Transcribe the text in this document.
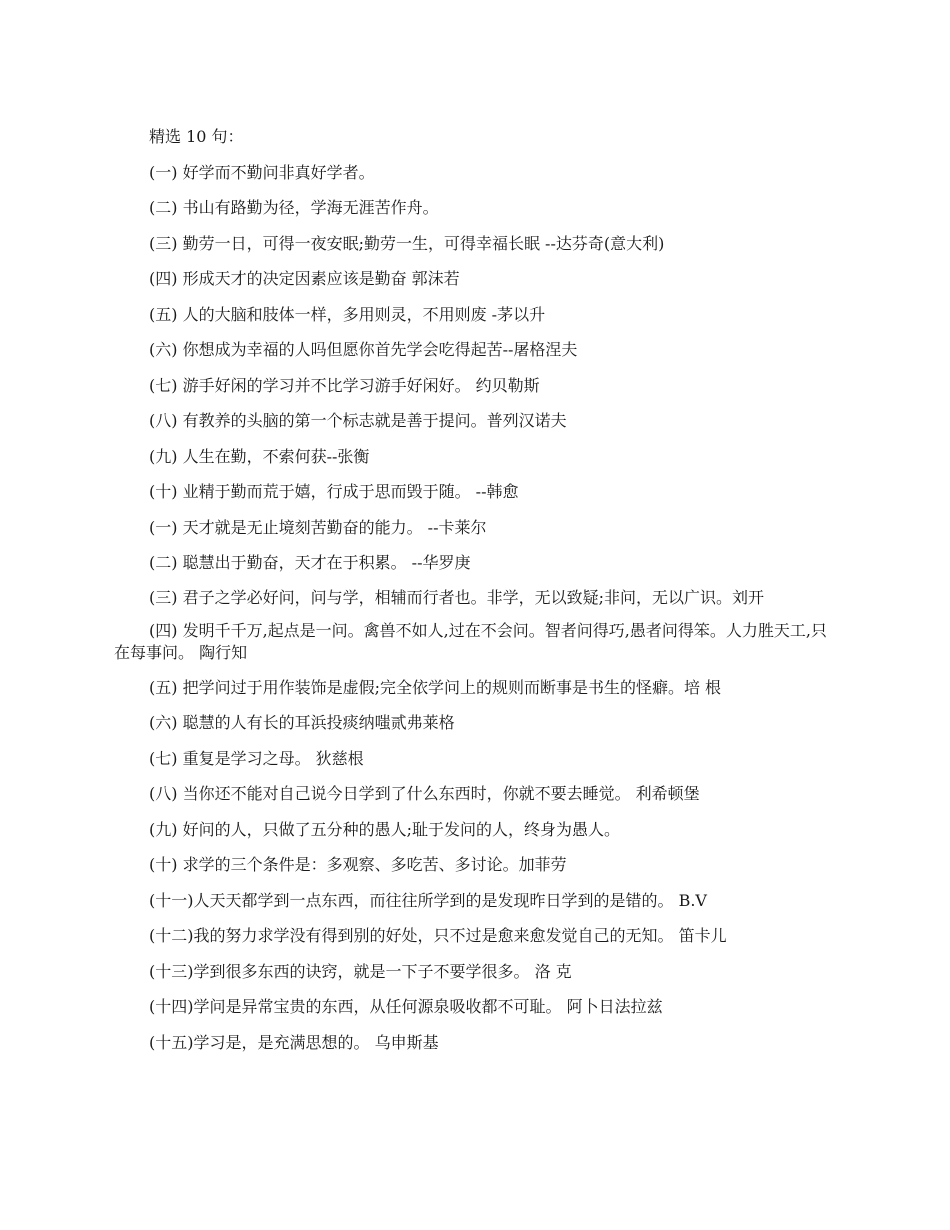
精选 10 句：

(一) 好学而不勤问非真好学者。
(二) 书山有路勤为径，学海无涯苦作舟。
(三) 勤劳一日，可得一夜安眠;勤劳一生，可得幸福长眠 --达芬奇(意大利)
(四) 形成天才的决定因素应该是勤奋 郭沫若
(五) 人的大脑和肢体一样，多用则灵，不用则废 -茅以升
(六) 你想成为幸福的人吗但愿你首先学会吃得起苦--屠格涅夫
(七) 游手好闲的学习并不比学习游手好闲好。 约贝勒斯
(八) 有教养的头脑的第一个标志就是善于提问。普列汉诺夫
(九) 人生在勤，不索何获--张衡
(十) 业精于勤而荒于嬉，行成于思而毁于随。 --韩愈
(一) 天才就是无止境刻苦勤奋的能力。 --卡莱尔
(二) 聪慧出于勤奋，天才在于积累。 --华罗庚
(三) 君子之学必好问，问与学，相辅而行者也。非学，无以致疑;非问，无以广识。刘开
(四) 发明千千万,起点是一问。禽兽不如人,过在不会问。智者问得巧,愚者问得笨。人力胜天工,只在每事问。 陶行知
(五) 把学问过于用作装饰是虚假;完全依学问上的规则而断事是书生的怪癖。培 根
(六) 聪慧的人有长的耳浜投痰纳嗤贰弗莱格
(七) 重复是学习之母。 狄慈根
(八) 当你还不能对自己说今日学到了什么东西时，你就不要去睡觉。 利希顿堡
(九) 好问的人，只做了五分种的愚人;耻于发问的人，终身为愚人。
(十) 求学的三个条件是：多观察、多吃苦、多讨论。加菲劳
(十一)人天天都学到一点东西，而往往所学到的是发现昨日学到的是错的。 B.V
(十二)我的努力求学没有得到别的好处，只不过是愈来愈发觉自己的无知。 笛卡儿
(十三)学到很多东西的诀窍，就是一下子不要学很多。 洛 克
(十四)学问是异常宝贵的东西，从任何源泉吸收都不可耻。 阿卜日法拉兹
(十五)学习是，是充满思想的。 乌申斯基
